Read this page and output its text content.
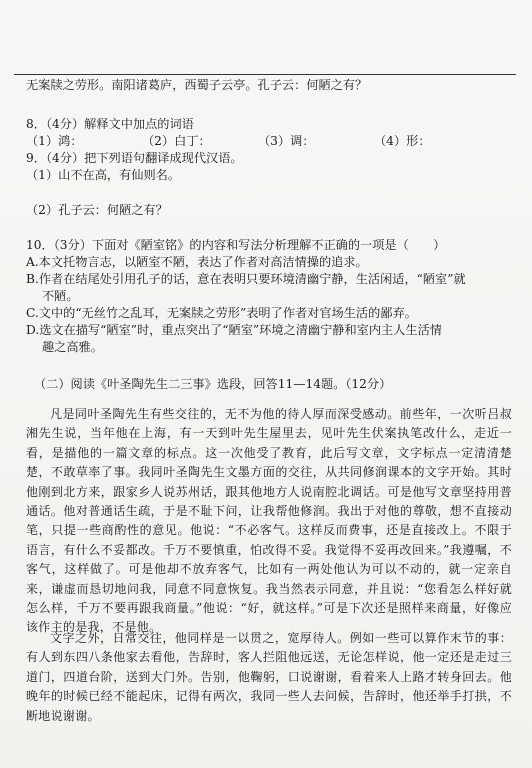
无案牍之劳形。南阳诸葛庐，西蜀子云亭。孔子云：何陋之有？
8．（4分）解释文中加点的词语
（1）鸿：	（2）白丁：	（3）调：	（4）形：
9．（4分）把下列语句翻译成现代汉语。
（1）山不在高，有仙则名。
（2）孔子云：何陋之有？
10．（3分）下面对《陋室铭》的内容和写法分析理解不正确的一项是（　　）
A.本文托物言志，以陋室不陋，表达了作者对高洁情操的追求。
B.作者在结尾处引用孔子的话，意在表明只要环境清幽宁静，生活闲适，“陋室”就
不陋。
C.文中的“无丝竹之乱耳，无案牍之劳形”表明了作者对官场生活的鄙弃。
D.选文在描写“陋室”时，重点突出了“陋室”环境之清幽宁静和室内主人生活情
趣之高雅。
（二）阅读《叶圣陶先生二三事》选段，回答11—14题。（12分）
凡是同叶圣陶先生有些交往的，无不为他的待人厚而深受感动。前些年，一次听吕叔湘先生说，当年他在上海，有一天到叶先生屋里去，见叶先生伏案执笔改什么，走近一看，是描他的一篇文章的标点。这一次他受了教育，此后写文章，文字标点一定清清楚楚，不敢草率了事。我同叶圣陶先生文墨方面的交往，从共同修润课本的文字开始。其时他刚到北方来，跟家乡人说苏州话，跟其他地方人说南腔北调话。可是他写文章坚持用普通话。他对普通话生疏，于是不耻下问，让我帮他修润。我出于对他的尊敬，想不直接动笔，只提一些商酌性的意见。他说：“不必客气。这样反而费事，还是直接改上。不限于语言，有什么不妥都改。千万不要慎重，怕改得不妥。我觉得不妥再改回来。”我遵嘱，不客气，这样做了。可是他却不放弃客气，比如有一两处他认为可以不动的，就一定亲自来，谦虚而恳切地问我，同意不同意恢复。我当然表示同意，并且说：“您看怎么样好就怎么样，千万不要再跟我商量。”他说：“好，就这样。”可是下次还是照样来商量，好像应该作主的是我，不是他。
文字之外，日常交往，他同样是一以贯之，宽厚待人。例如一些可以算作末节的事：有人到东四八条他家去看他，告辞时，客人拦阻他远送，无论怎样说，他一定还是走过三道门，四道台阶，送到大门外。告别，他鞠躬，口说谢谢，看着来人上路才转身回去。他晚年的时候已经不能起床，记得有两次，我同一些人去问候，告辞时，他还举手打拱，不断地说谢谢。
